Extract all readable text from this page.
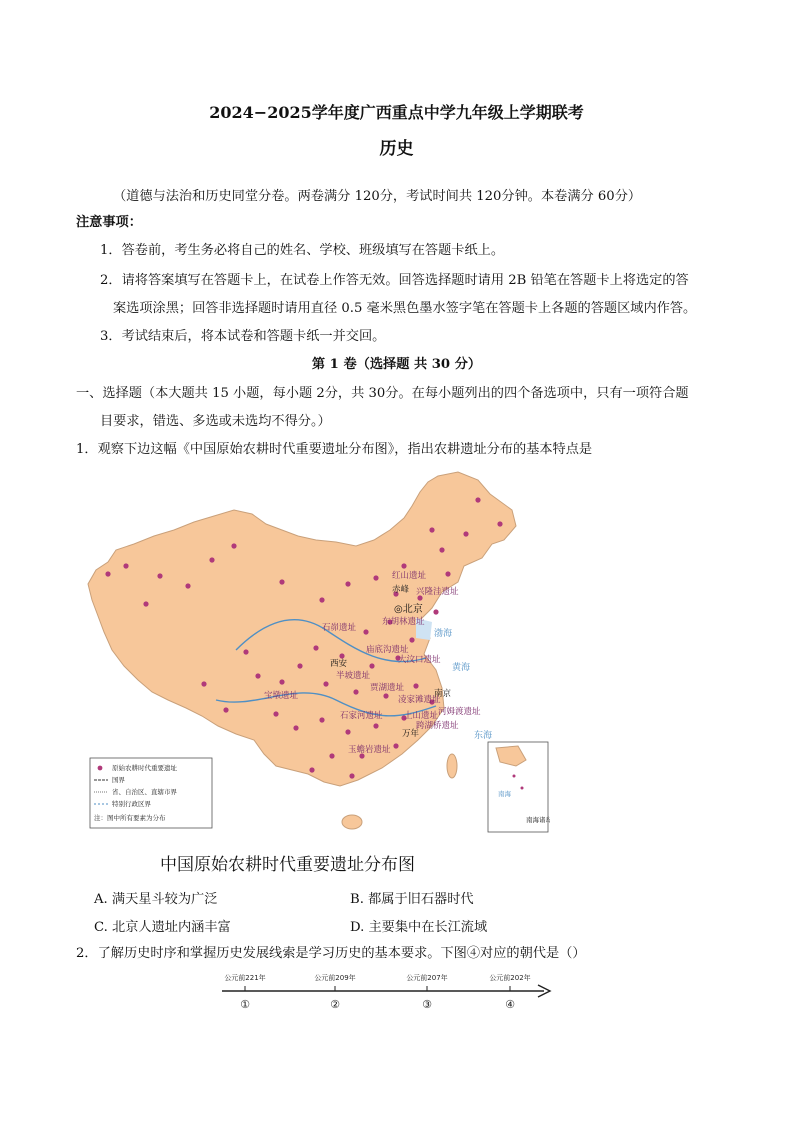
2024−2025学年度广西重点中学九年级上学期联考
历史
（道德与法治和历史同堂分卷。两卷满分 120分，考试时间共 120分钟。本卷满分 60分）
注意事项：
1．答卷前，考生务必将自己的姓名、学校、班级填写在答题卡纸上。
2．请将答案填写在答题卡上，在试卷上作答无效。回答选择题时请用 2B 铅笔在答题卡上将选定的答
案选项涂黑；回答非选择题时请用直径 0.5 毫米黑色墨水签字笔在答题卡上各题的答题区域内作答。
3．考试结束后，将本试卷和答题卡纸一并交回。
第 1 卷（选择题 共 30 分）
一、选择题（本大题共 15 小题，每小题 2分，共 30分。在每小题列出的四个备选项中，只有一项符合题
目要求，错选、多选或未选均不得分。）
1．观察下边这幅《中国原始农耕时代重要遗址分布图》，指出农耕遗址分布的基本特点是
红山遗址
赤峰 兴隆洼遗址
◎北京
东胡林遗址
石峁遗址
庙底沟遗址
西安
半坡遗址
大汶口遗址
宝墩遗址
贾湖遗址
凌家滩遗址
南京
石家河遗址	上山遗址 河姆渡遗址
跨湖桥遗址
万年
玉蟾岩遗址
渤海
黄海
东海
原始农耕时代重要遗址
国界
省、自治区、直辖市界
特别行政区界
注：图中所有要素为分布
南海
南海诸岛
中国原始农耕时代重要遗址分布图
A. 满天星斗较为广泛	B. 都属于旧石器时代
C. 北京人遗址内涵丰富	D. 主要集中在长江流域
2．了解历史时序和掌握历史发展线索是学习历史的基本要求。下图④对应的朝代是（）
公元前221年	公元前209年	公元前207年	公元前202年
①	②	③	④
